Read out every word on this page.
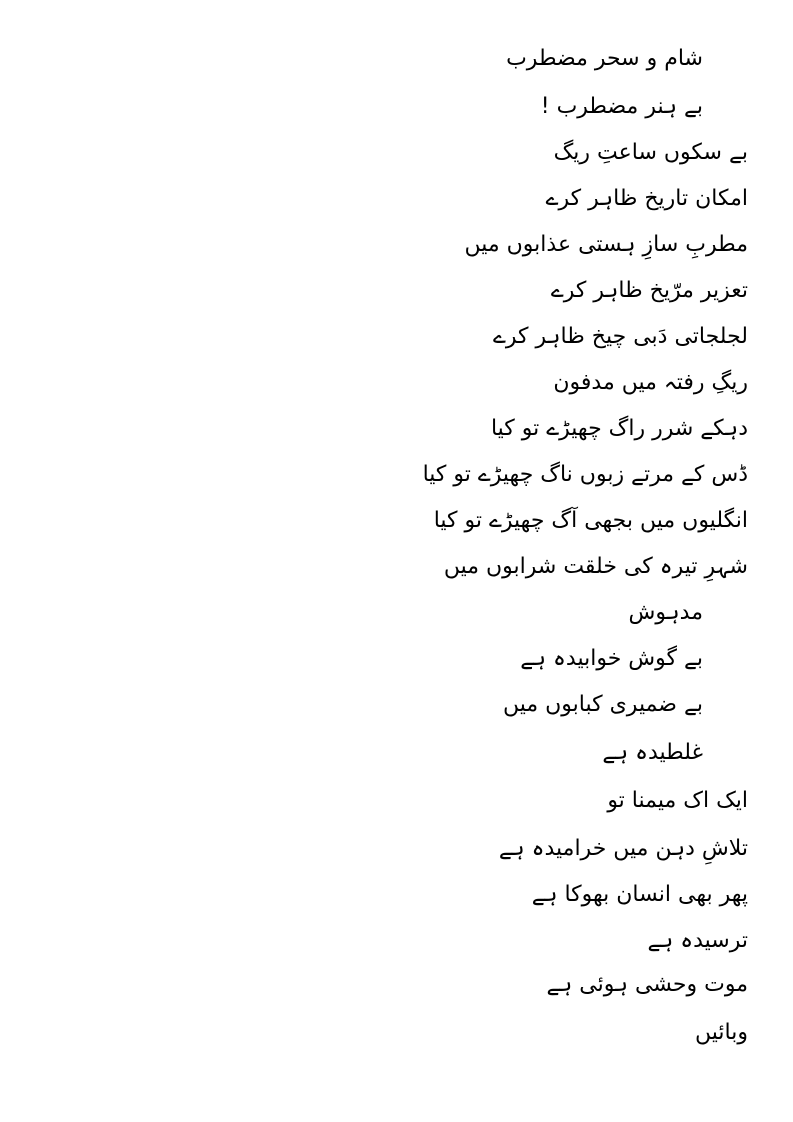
شام و سحر مضطرب
بے ہنر مضطرب !
بے سکوں ساعتِ ریگ
امکان تاریخ ظاہر کرے
مطربِ سازِ ہستی عذابوں میں
تعزیر مرّیخ ظاہر کرے
لجلجاتی دَبی چیخ ظاہر کرے
ریگِ رفتہ میں مدفون
دہکے شرر راگ چھیڑے تو کیا
ڈس کے مرتے زبوں ناگ چھیڑے تو کیا
انگلیوں میں بجھی آگ چھیڑے تو کیا
شہرِ تیرہ کی خلقت شرابوں میں
مدہوش
بے گوش خوابیدہ ہے
بے ضمیری کبابوں میں
غلطیدہ ہے
ایک اک میمنا تو
تلاشِ دہن میں خرامیدہ ہے
پھر بھی انسان بھوکا ہے
ترسیدہ ہے
موت وحشی ہوئی ہے
وبائیں
